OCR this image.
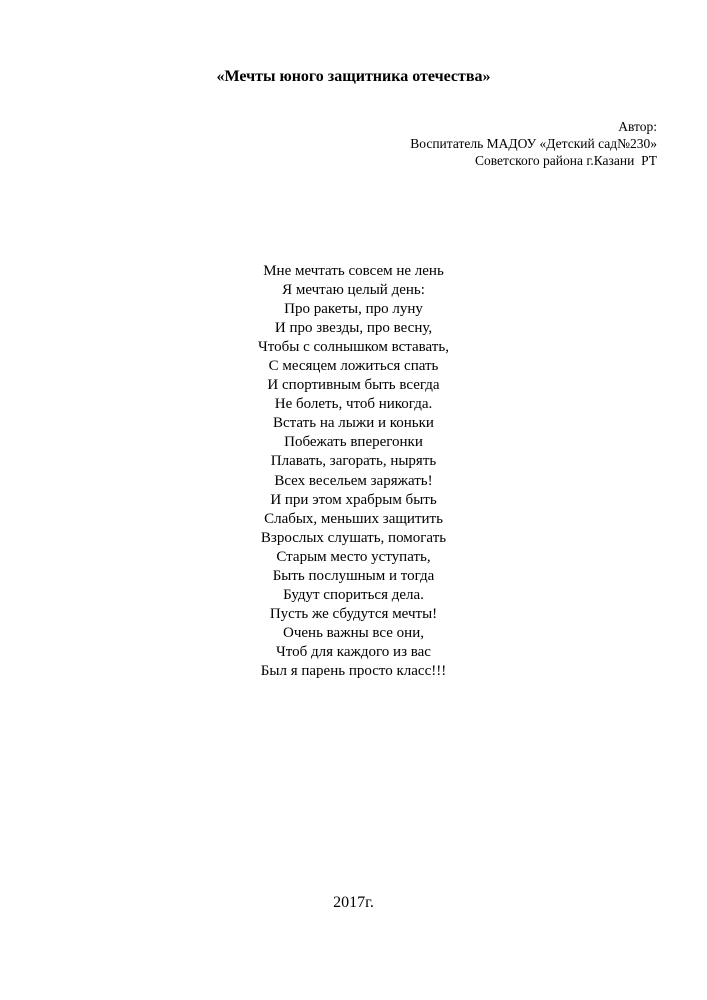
«Мечты юного защитника отечества»
Автор:
Воспитатель МАДОУ «Детский сад№230»
Советского района г.Казани  РТ
Мне мечтать совсем не лень
Я мечтаю целый день:
Про ракеты, про луну
И про звезды, про весну,
Чтобы с солнышком вставать,
С месяцем ложиться спать
И спортивным быть всегда
Не болеть, чтоб никогда.
Встать на лыжи и коньки
Побежать вперегонки
Плавать, загорать, нырять
Всех весельем заряжать!
И при этом храбрым быть
Слабых, меньших защитить
Взрослых слушать, помогать
Старым место уступать,
Быть послушным и тогда
Будут спориться дела.
Пусть же сбудутся мечты!
Очень важны все они,
Чтоб для каждого из вас
Был я парень просто класс!!!
2017г.
